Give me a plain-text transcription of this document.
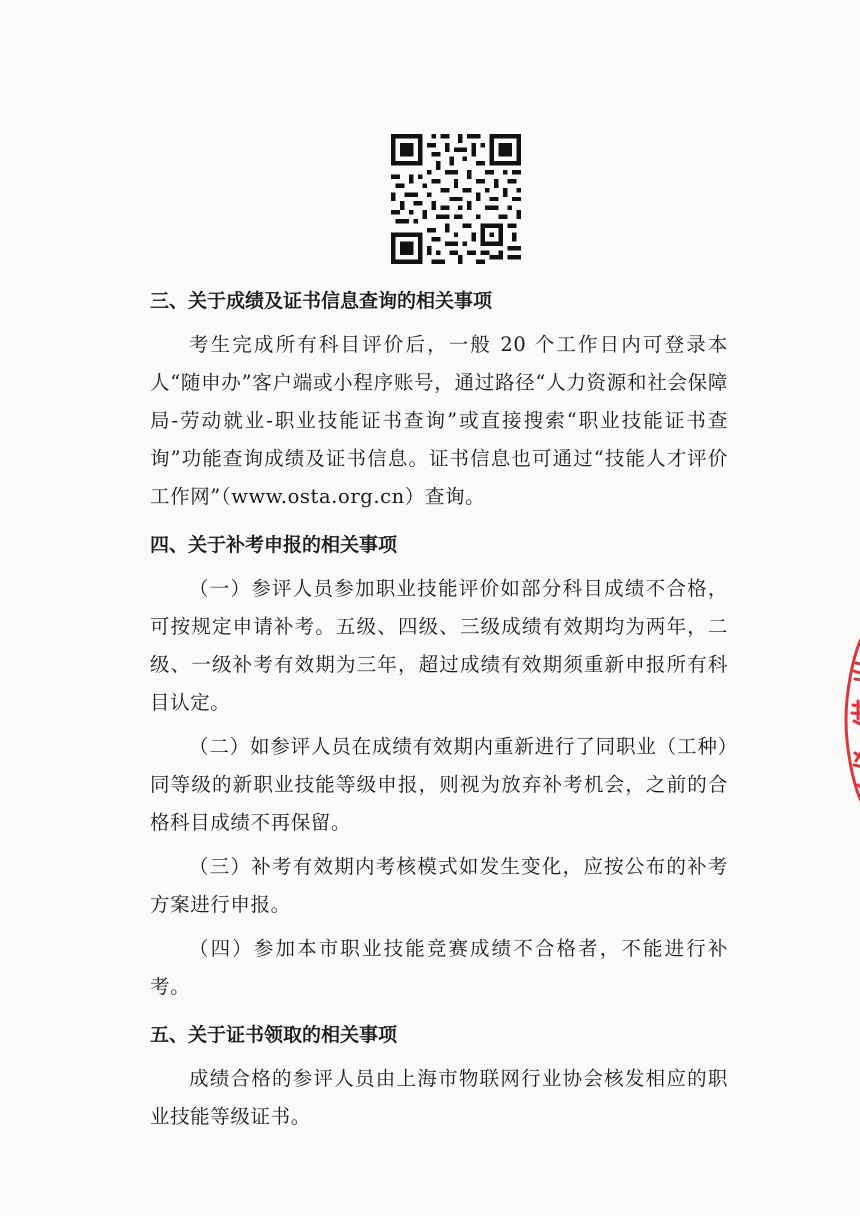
三、关于成绩及证书信息查询的相关事项

考生完成所有科目评价后，一般 20 个工作日内可登录本人“随申办”客户端或小程序账号，通过路径“人力资源和社会保障局-劳动就业-职业技能证书查询”或直接搜索“职业技能证书查询”功能查询成绩及证书信息。证书信息也可通过“技能人才评价工作网”（www.osta.org.cn）查询。

四、关于补考申报的相关事项

（一）参评人员参加职业技能评价如部分科目成绩不合格，可按规定申请补考。五级、四级、三级成绩有效期均为两年，二级、一级补考有效期为三年，超过成绩有效期须重新申报所有科目认定。

（二）如参评人员在成绩有效期内重新进行了同职业（工种）同等级的新职业技能等级申报，则视为放弃补考机会，之前的合格科目成绩不再保留。

（三）补考有效期内考核模式如发生变化，应按公布的补考方案进行申报。

（四）参加本市职业技能竞赛成绩不合格者，不能进行补考。

五、关于证书领取的相关事项

成绩合格的参评人员由上海市物联网行业协会核发相应的职业技能等级证书。
